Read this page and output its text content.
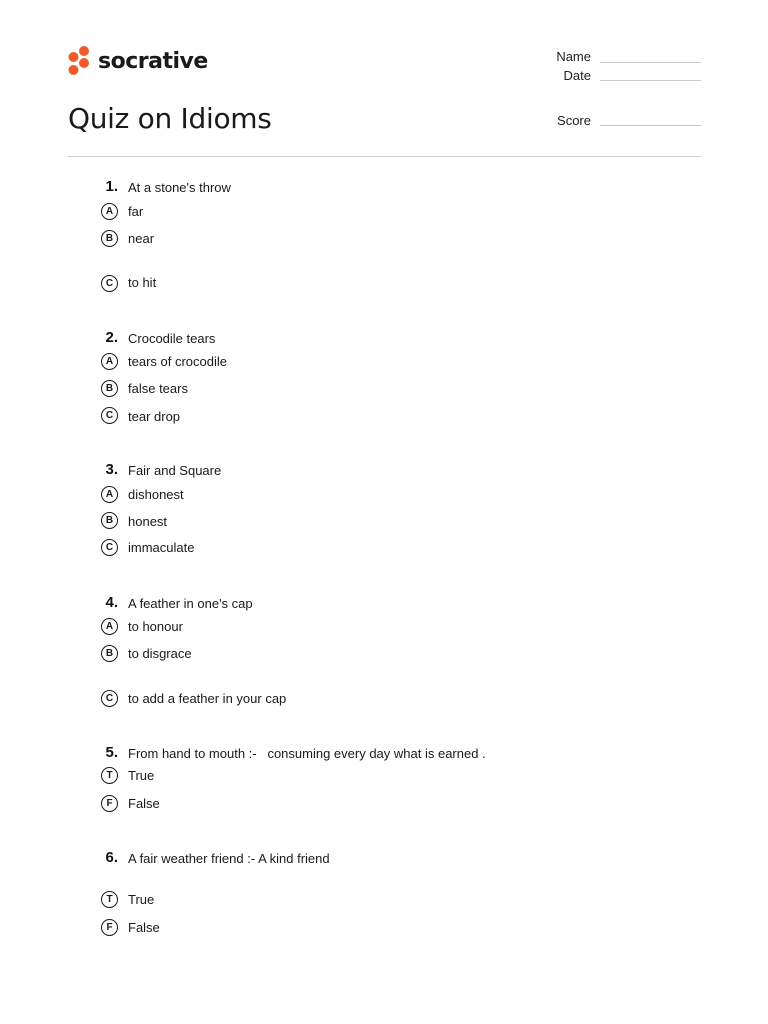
socrative
Quiz on Idioms
Name
Date
Score
1. At a stone's throw
A	far
B	near
C	to hit
2. Crocodile tears
A	tears of crocodile
B	false tears
C	tear drop
3. Fair and Square
A	dishonest
B	honest
C	immaculate
4. A feather in one's cap
A	to honour
B	to disgrace
C	to add a feather in your cap
5. From hand to mouth :-   consuming every day what is earned .
T	True
F	False
6. A fair weather friend :- A kind friend
T	True
F	False
